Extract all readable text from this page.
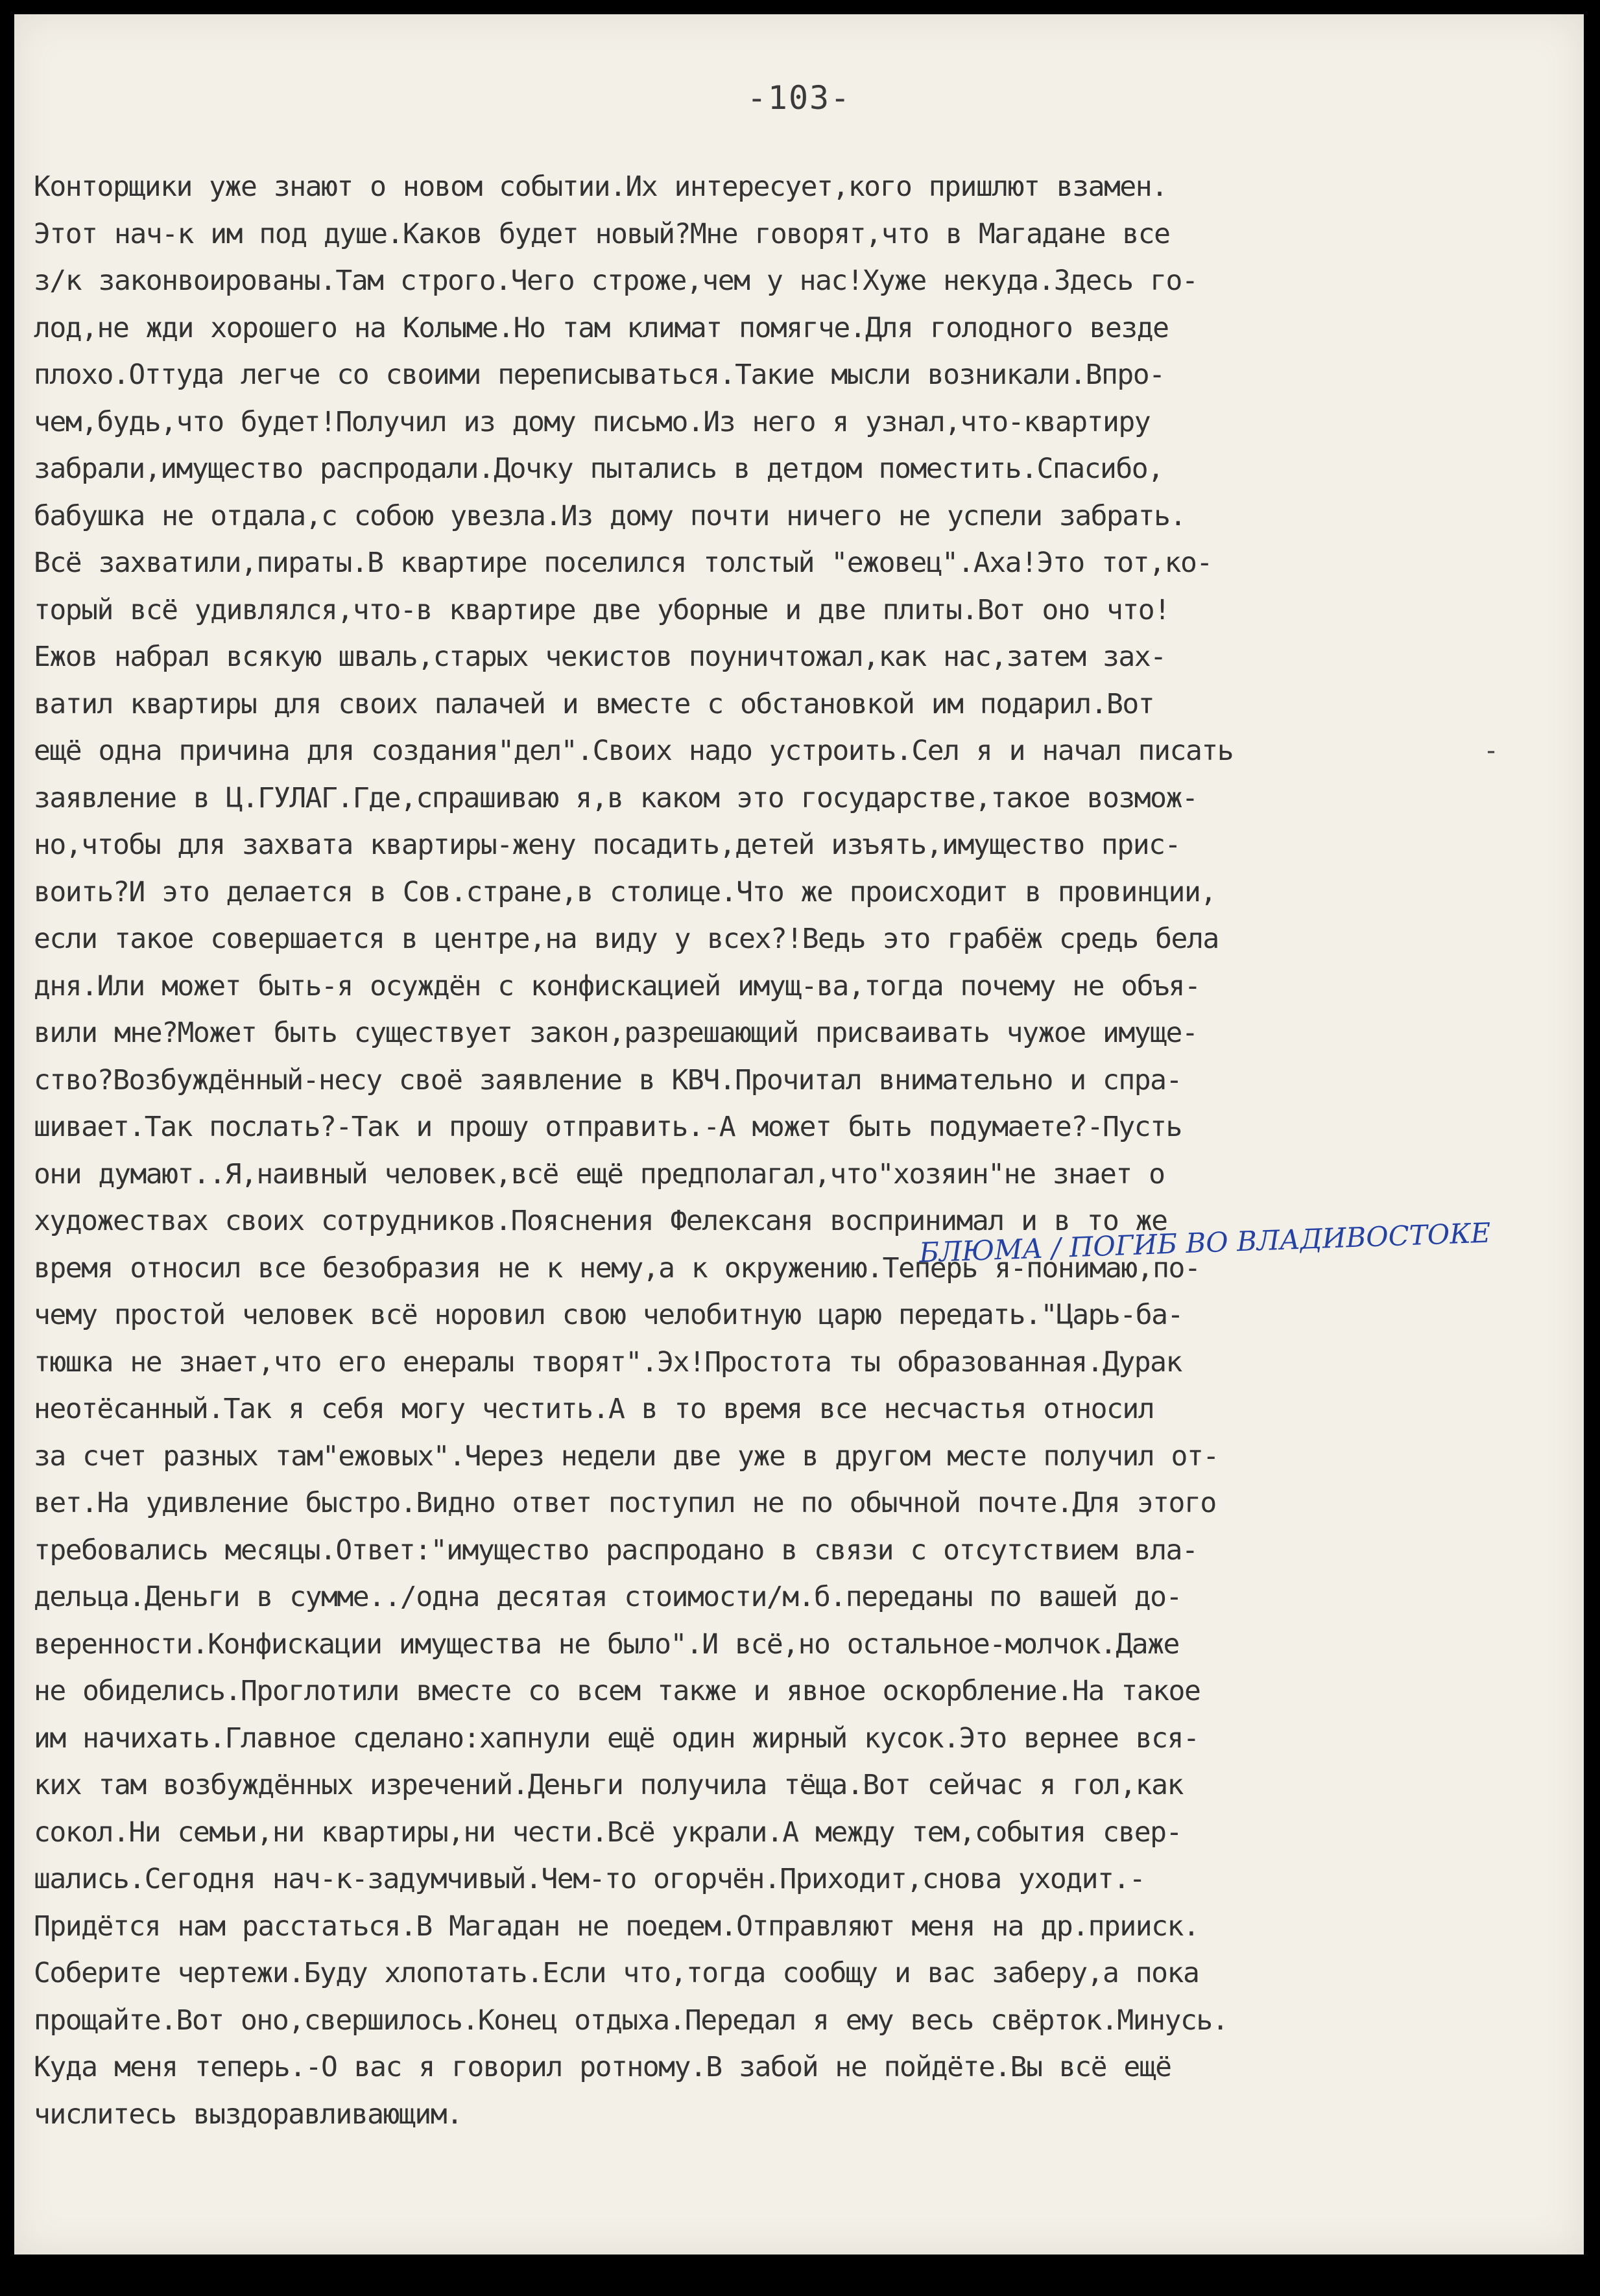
-103-
Конторщики уже знают о новом событии.Их интересует,кого пришлют взамен.
Этот нач-к им под душе.Каков будет новый?Мне говорят,что в Магадане все
з/к законвоированы.Там строго.Чего строже,чем у нас!Хуже некуда.Здесь го-
лод,не жди хорошего на Колыме.Но там климат помягче.Для голодного везде
плохо.Оттуда легче со своими переписываться.Такие мысли возникали.Впро-
чем,будь,что будет!Получил из дому письмо.Из него я узнал,что-квартиру
забрали,имущество распродали.Дочку пытались в детдом поместить.Спасибо,
бабушка не отдала,с собою увезла.Из дому почти ничего не успели забрать.
Всё захватили,пираты.В квартире поселился толстый "ежовец".Аха!Это тот,ко-
торый всё удивлялся,что-в квартире две уборные и две плиты.Вот оно что!
Ежов набрал всякую шваль,старых чекистов поуничтожал,как нас,затем зах-
ватил квартиры для своих палачей и вместе с обстановкой им подарил.Вот
ещё одна причина для создания"дел".Своих надо устроить.Сел я и начал писать
заявление в Ц.ГУЛАГ.Где,спрашиваю я,в каком это государстве,такое возмож-
но,чтобы для захвата квартиры-жену посадить,детей изъять,имущество прис-
воить?И это делается в Сов.стране,в столице.Что же происходит в провинции,
если такое совершается в центре,на виду у всех?!Ведь это грабёж средь бела
дня.Или может быть-я осуждён с конфискацией имущ-ва,тогда почему не объя-
вили мне?Может быть существует закон,разрешающий присваивать чужое имуще-
ство?Возбуждённый-несу своё заявление в КВЧ.Прочитал внимательно и спра-
шивает.Так послать?-Так и прошу отправить.-А может быть подумаете?-Пусть
они думают..Я,наивный человек,всё ещё предполагал,что"хозяин"не знает о
художествах своих сотрудников.Пояснения Фелексаня воспринимал и в то же
время относил все безобразия не к нему,а к окружению.Теперь я-понимаю,по-
чему простой человек всё норовил свою челобитную царю передать."Царь-ба-
тюшка не знает,что его енералы творят".Эх!Простота ты образованная.Дурак
неотёсанный.Так я себя могу честить.А в то время все несчастья относил
за счет разных там"ежовых".Через недели две уже в другом месте получил от-
вет.На удивление быстро.Видно ответ поступил не по обычной почте.Для этого
требовались месяцы.Ответ:"имущество распродано в связи с отсутствием вла-
дельца.Деньги в сумме../одна десятая стоимости/м.б.переданы по вашей до-
веренности.Конфискации имущества не было".И всё,но остальное-молчок.Даже
не обиделись.Проглотили вместе со всем также и явное оскорбление.На такое
им начихать.Главное сделано:хапнули ещё один жирный кусок.Это вернее вся-
ких там возбуждённых изречений.Деньги получила тёща.Вот сейчас я гол,как
сокол.Ни семьи,ни квартиры,ни чести.Всё украли.А между тем,события свер-
шались.Сегодня нач-к-задумчивый.Чем-то огорчён.Приходит,снова уходит.-
Придётся нам расстаться.В Магадан не поедем.Отправляют меня на др.прииск.
Соберите чертежи.Буду хлопотать.Если что,тогда сообщу и вас заберу,а пока
прощайте.Вот оно,свершилось.Конец отдыха.Передал я ему весь свёрток.Минусь.
Куда меня теперь.-О вас я говорил ротному.В забой не пойдёте.Вы всё ещё
числитесь выздоравливающим.
-
БЛЮМА / ПОГИБ ВО ВЛАДИВОСТОКЕ
